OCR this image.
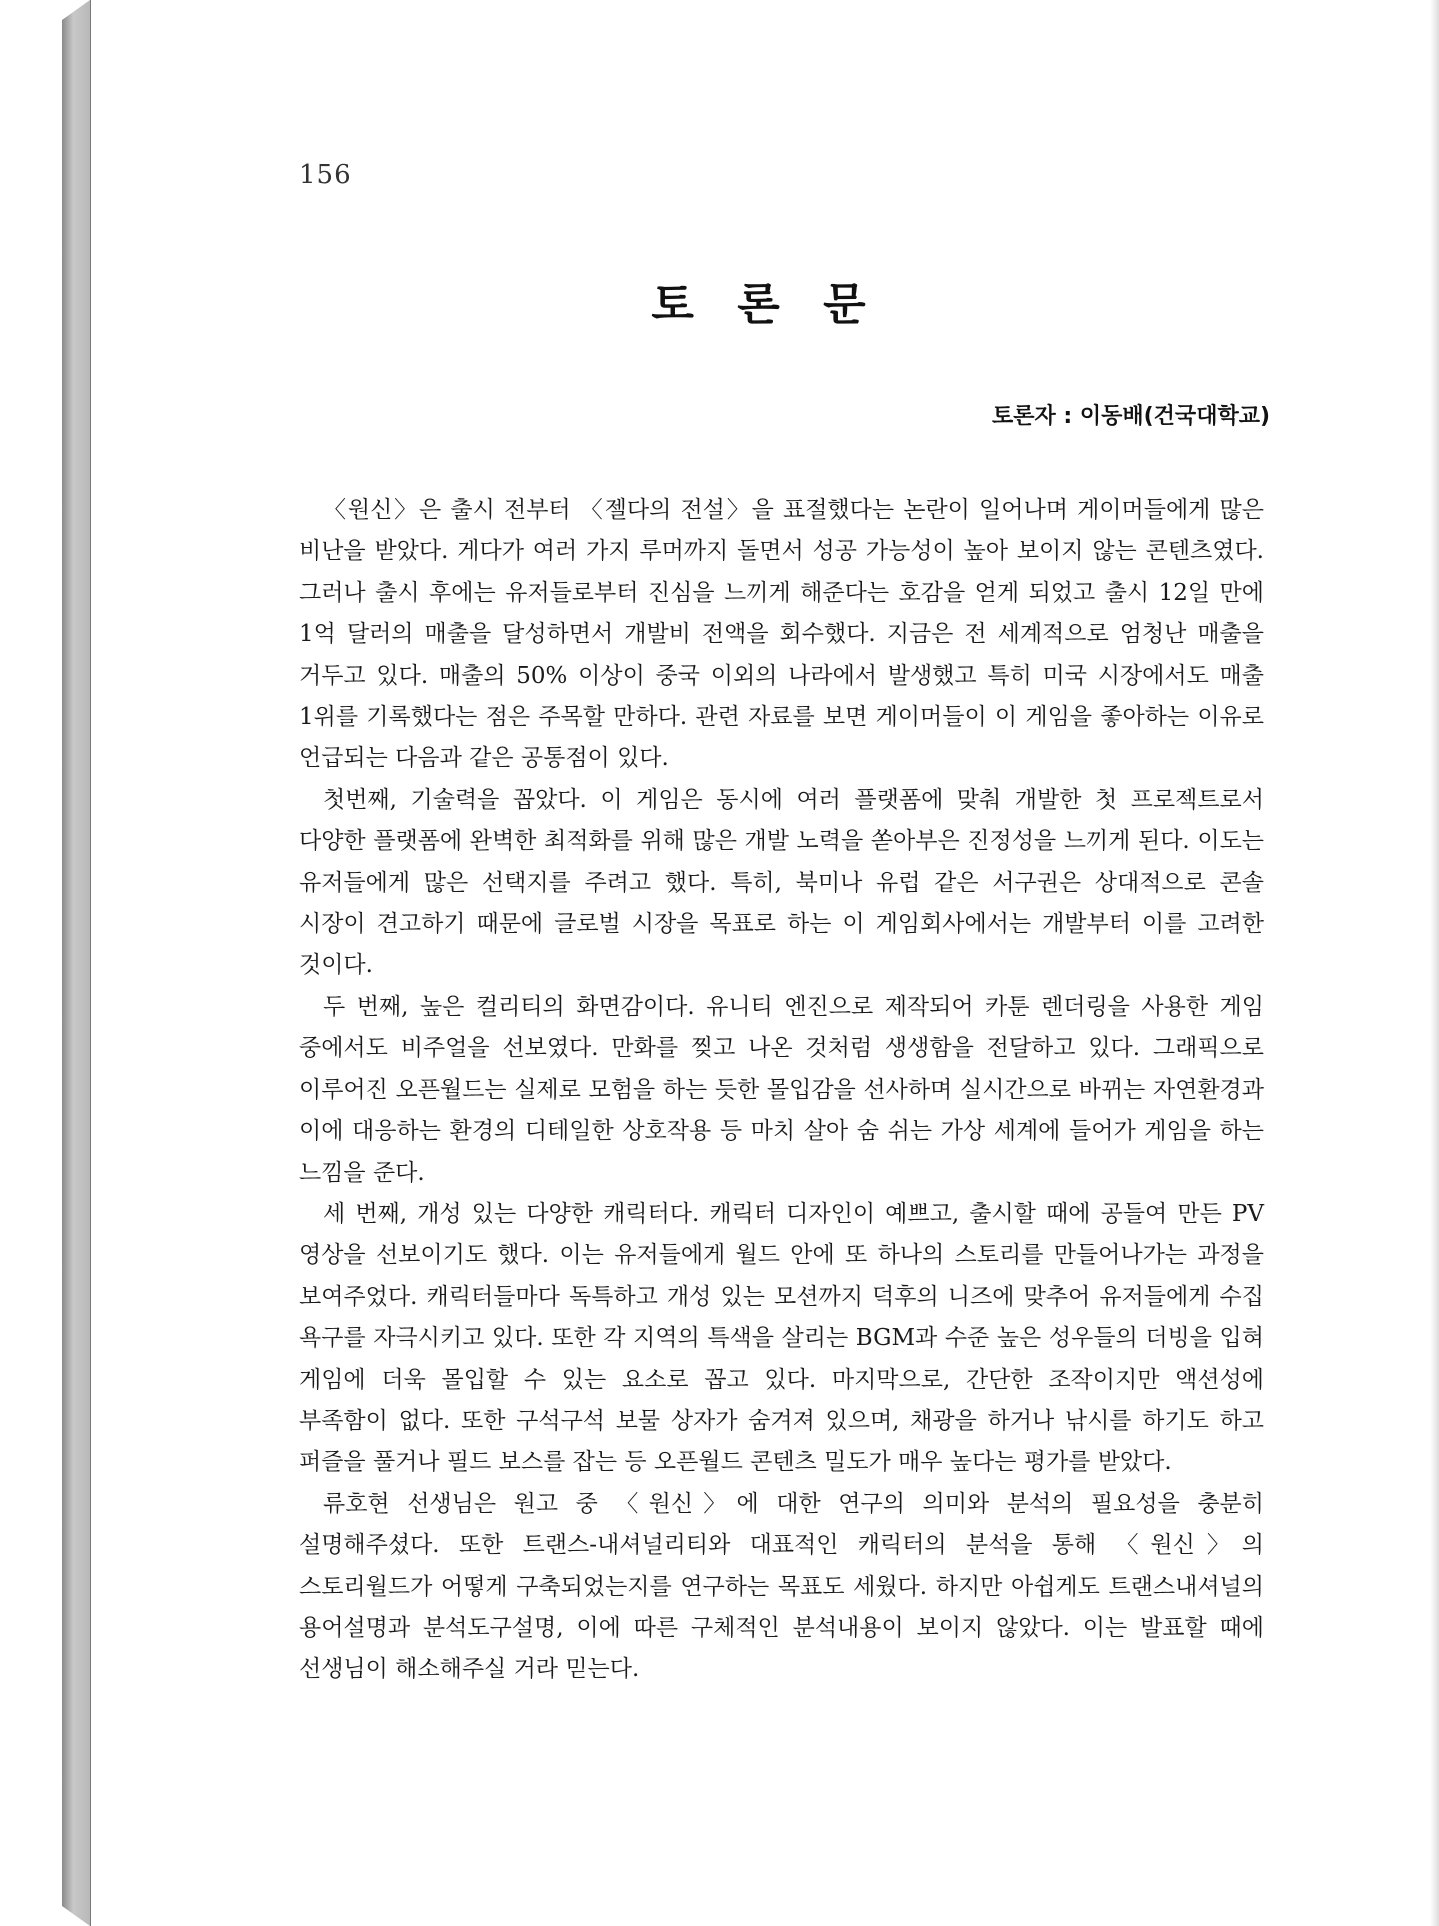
156
토 론 문
토론자 : 이동배(건국대학교)

〈원신〉은 출시 전부터 〈젤다의 전설〉을 표절했다는 논란이 일어나며 게이머들에게 많은 비난을 받았다. 게다가 여러 가지 루머까지 돌면서 성공 가능성이 높아 보이지 않는 콘텐츠였다. 그러나 출시 후에는 유저들로부터 진심을 느끼게 해준다는 호감을 얻게 되었고 출시 12일 만에 1억 달러의 매출을 달성하면서 개발비 전액을 회수했다. 지금은 전 세계적으로 엄청난 매출을 거두고 있다. 매출의 50% 이상이 중국 이외의 나라에서 발생했고 특히 미국 시장에서도 매출 1위를 기록했다는 점은 주목할 만하다. 관련 자료를 보면 게이머들이 이 게임을 좋아하는 이유로 언급되는 다음과 같은 공통점이 있다.

첫번째, 기술력을 꼽았다. 이 게임은 동시에 여러 플랫폼에 맞춰 개발한 첫 프로젝트로서 다양한 플랫폼에 완벽한 최적화를 위해 많은 개발 노력을 쏟아부은 진정성을 느끼게 된다. 이도는 유저들에게 많은 선택지를 주려고 했다. 특히, 북미나 유럽 같은 서구권은 상대적으로 콘솔 시장이 견고하기 때문에 글로벌 시장을 목표로 하는 이 게임회사에서는 개발부터 이를 고려한 것이다.

두 번째, 높은 컬리티의 화면감이다. 유니티 엔진으로 제작되어 카툰 렌더링을 사용한 게임 중에서도 비주얼을 선보였다. 만화를 찢고 나온 것처럼 생생함을 전달하고 있다. 그래픽으로 이루어진 오픈월드는 실제로 모험을 하는 듯한 몰입감을 선사하며 실시간으로 바뀌는 자연환경과 이에 대응하는 환경의 디테일한 상호작용 등 마치 살아 숨 쉬는 가상 세계에 들어가 게임을 하는 느낌을 준다.

세 번째, 개성 있는 다양한 캐릭터다. 캐릭터 디자인이 예쁘고, 출시할 때에 공들여 만든 PV 영상을 선보이기도 했다. 이는 유저들에게 월드 안에 또 하나의 스토리를 만들어나가는 과정을 보여주었다. 캐릭터들마다 독특하고 개성 있는 모션까지 덕후의 니즈에 맞추어 유저들에게 수집 욕구를 자극시키고 있다. 또한 각 지역의 특색을 살리는 BGM과 수준 높은 성우들의 더빙을 입혀 게임에 더욱 몰입할 수 있는 요소로 꼽고 있다. 마지막으로, 간단한 조작이지만 액션성에 부족함이 없다. 또한 구석구석 보물 상자가 숨겨져 있으며, 채광을 하거나 낚시를 하기도 하고 퍼즐을 풀거나 필드 보스를 잡는 등 오픈월드 콘텐츠 밀도가 매우 높다는 평가를 받았다.

류호현 선생님은 원고 중 〈원신〉에 대한 연구의 의미와 분석의 필요성을 충분히 설명해주셨다. 또한 트랜스-내셔널리티와 대표적인 캐릭터의 분석을 통해 〈원신〉의 스토리월드가 어떻게 구축되었는지를 연구하는 목표도 세웠다. 하지만 아쉽게도 트랜스내셔널의 용어설명과 분석도구설명, 이에 따른 구체적인 분석내용이 보이지 않았다. 이는 발표할 때에 선생님이 해소해주실 거라 믿는다.
